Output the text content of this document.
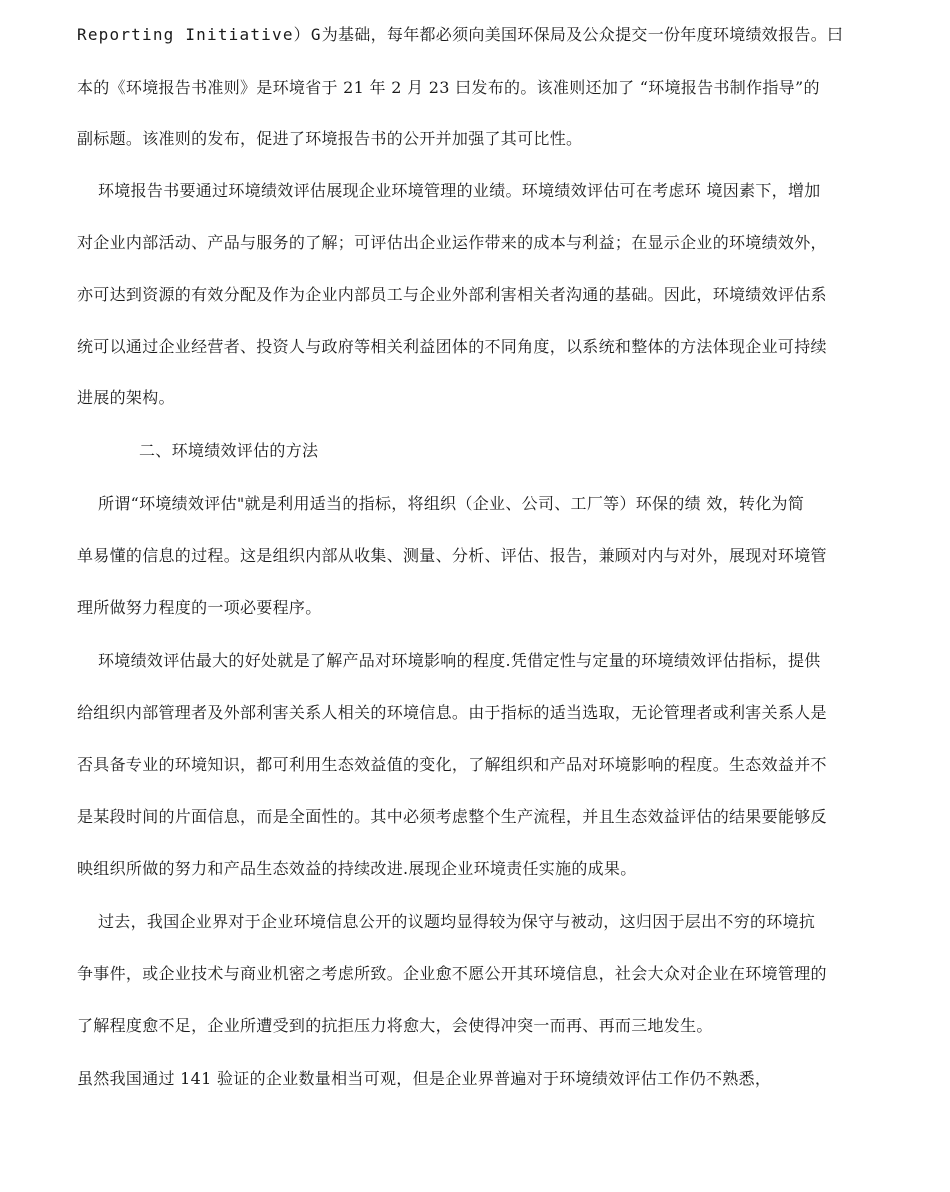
Reporting Initiative）G为基础，每年都必须向美国环保局及公众提交一份年度环境绩效报告。曰
本的《环境报告书准则》是环境省于 21 年 2 月 23 曰发布的。该准则还加了 “环境报告书制作指导”的
副标题。该准则的发布，促进了环境报告书的公开并加强了其可比性。
环境报告书要通过环境绩效评估展现企业环境管理的业绩。环境绩效评估可在考虑环 境因素下，增加
对企业内部活动、产品与服务的了解；可评估出企业运作带来的成本与利益；在显示企业的环境绩效外，
亦可达到资源的有效分配及作为企业内部员工与企业外部利害相关者沟通的基础。因此，环境绩效评估系
统可以通过企业经营者、投资人与政府等相关利益团体的不同角度，以系统和整体的方法体现企业可持续
进展的架构。
二、环境绩效评估的方法
所谓“环境绩效评估"就是利用适当的指标，将组织（企业、公司、工厂等）环保的绩 效，转化为简
单易懂的信息的过程。这是组织内部从收集、测量、分析、评估、报告，兼顾对内与对外，展现对环境管
理所做努力程度的一项必要程序。
环境绩效评估最大的好处就是了解产品对环境影响的程度.凭借定性与定量的环境绩效评估指标，提供
给组织内部管理者及外部利害关系人相关的环境信息。由于指标的适当选取，无论管理者或利害关系人是
否具备专业的环境知识，都可利用生态效益值的变化，了解组织和产品对环境影响的程度。生态效益并不
是某段时间的片面信息，而是全面性的。其中必须考虑整个生产流程，并且生态效益评估的结果要能够反
映组织所做的努力和产品生态效益的持续改进.展现企业环境责任实施的成果。
过去，我国企业界对于企业环境信息公开的议题均显得较为保守与被动，这归因于层出不穷的环境抗
争事件，或企业技术与商业机密之考虑所致。企业愈不愿公开其环境信息，社会大众对企业在环境管理的
了解程度愈不足，企业所遭受到的抗拒压力将愈大，会使得冲突一而再、再而三地发生。
虽然我国通过 141 验证的企业数量相当可观，但是企业界普遍对于环境绩效评估工作仍不熟悉，
